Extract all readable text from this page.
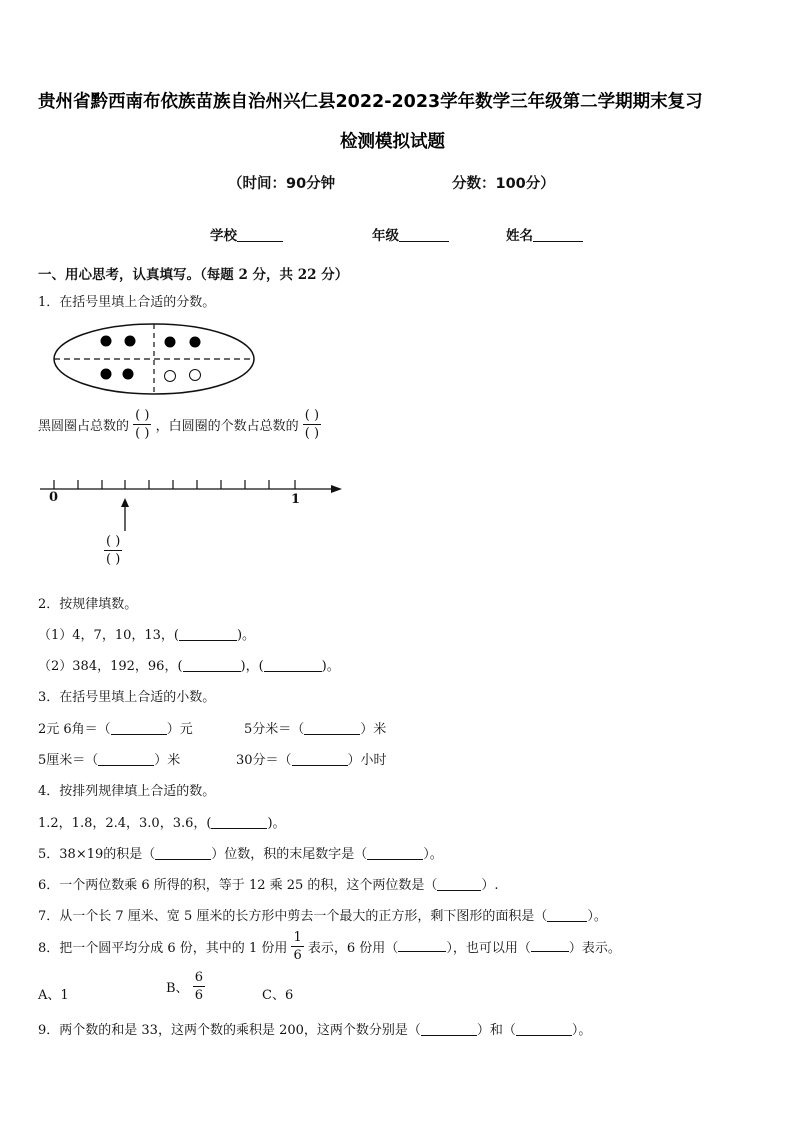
贵州省黔西南布依族苗族自治州兴仁县2022-2023学年数学三年级第二学期期末复习
检测模拟试题
（时间：90分钟	分数：100分）
学校	年级	姓名
一、用心思考，认真填写。（每题 2 分，共 22 分）
1．在括号里填上合适的分数。
黑圆圈占总数的 $\frac{( )}{( )}$ ，白圆圈的个数占总数的 $\frac{( )}{( )}$
0	1
$\frac{( )}{( )}$
2．按规律填数。
（1）4，7，10，13，(	)。
（2）384，192，96，(	)，(	)。
3．在括号里填上合适的小数。
2元 6角＝（	）元	5分米＝（	）米
5厘米＝（	）米	30分＝（	）小时
4．按排列规律填上合适的数。
1.2，1.8，2.4，3.0，3.6，(	)。
5．38×19的积是（	）位数，积的末尾数字是（	）。
6．一个两位数乘 6 所得的积，等于 12 乘 25 的积，这个两位数是（	）.
7．从一个长 7 厘米、宽 5 厘米的长方形中剪去一个最大的正方形，剩下图形的面积是（	）。
8．把一个圆平均分成 6 份，其中的 1 份用 $\frac{1}{6}$ 表示，6 份用（	），也可以用（	）表示。
A、1	B、 $\frac{6}{6}$	C、6
9．两个数的和是 33，这两个数的乘积是 200，这两个数分别是（	）和（	）。
